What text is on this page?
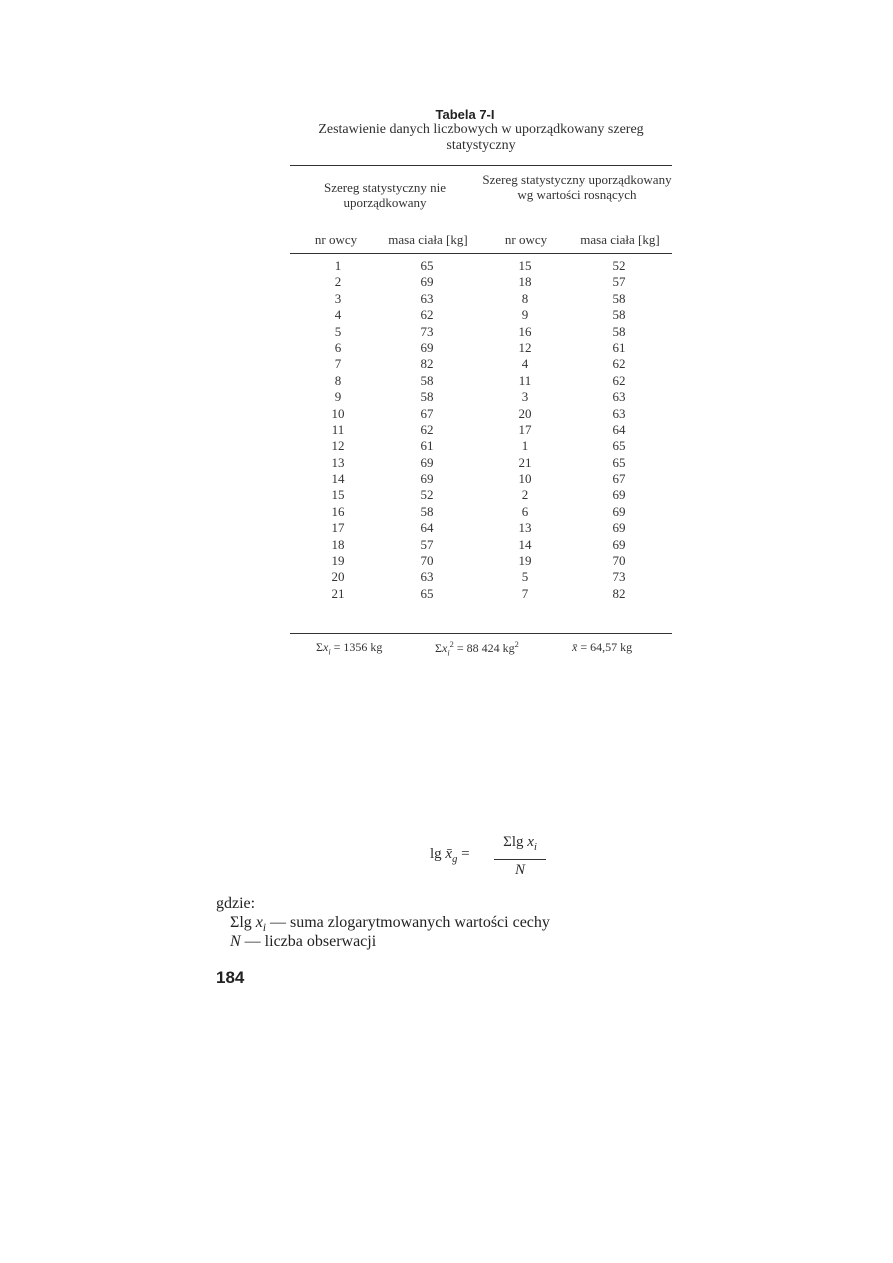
Tabela 7-I
Zestawienie danych liczbowych w uporządkowany szereg statystyczny
Szereg statystyczny nie uporządkowany
Szereg statystyczny uporządkowany wg wartości rosnących
nr owcy	masa ciała [kg]	nr owcy	masa ciała [kg]
1	65	15	52
2	69	18	57
3	63	8	58
4	62	9	58
5	73	16	58
6	69	12	61
7	82	4	62
8	58	11	62
9	58	3	63
10	67	20	63
11	62	17	64
12	61	1	65
13	69	21	65
14	69	10	67
15	52	2	69
16	58	6	69
17	64	13	69
18	57	14	69
19	70	19	70
20	63	5	73
21	65	7	82
$\Sigma x_i = 1356$ kg	$\Sigma x_i^2 = 88$ 424 $kg^2$	x̄ = 64,57 kg
$\lg x̄_g$ =
Σlg $x_i$
N
gdzie:
Σlg $x_i$ — suma zlogarytmowanych wartości cechy
N — liczba obserwacji
184
